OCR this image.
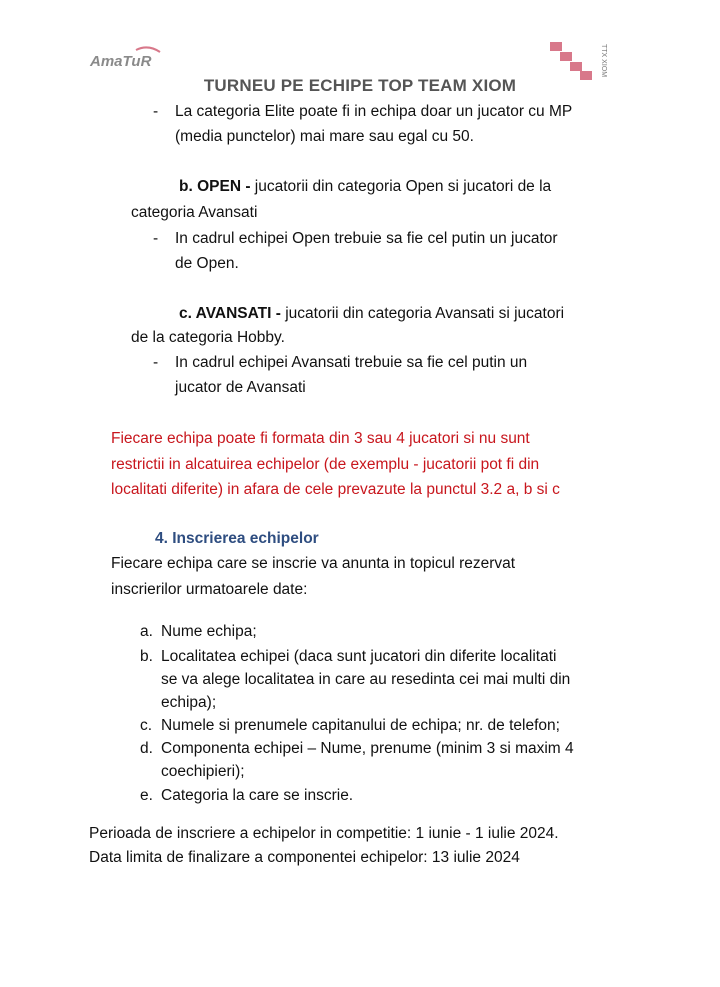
AmaTuR	TTX XIOM
TURNEU PE ECHIPE TOP TEAM XIOM
- La categoria Elite poate fi in echipa doar un jucator cu MP
(media punctelor) mai mare sau egal cu 50.
b. OPEN - jucatorii din categoria Open si jucatori de la
categoria Avansati
- In cadrul echipei Open trebuie sa fie cel putin un jucator
de Open.
c. AVANSATI - jucatorii din categoria Avansati si jucatori
de la categoria Hobby.
- In cadrul echipei Avansati trebuie sa fie cel putin un
jucator de Avansati
Fiecare echipa poate fi formata din 3 sau 4 jucatori si nu sunt
restrictii in alcatuirea echipelor (de exemplu - jucatorii pot fi din
localitati diferite) in afara de cele prevazute la punctul 3.2 a, b si c
4. Inscrierea echipelor
Fiecare echipa care se inscrie va anunta in topicul rezervat
inscrierilor urmatoarele date:
a. Nume echipa;
b. Localitatea echipei (daca sunt jucatori din diferite localitati
se va alege localitatea in care au resedinta cei mai multi din
echipa);
c. Numele si prenumele capitanului de echipa; nr. de telefon;
d. Componenta echipei – Nume, prenume (minim 3 si maxim 4
coechipieri);
e. Categoria la care se inscrie.
Perioada de inscriere a echipelor in competitie: 1 iunie - 1 iulie 2024.
Data limita de finalizare a componentei echipelor: 13 iulie 2024
